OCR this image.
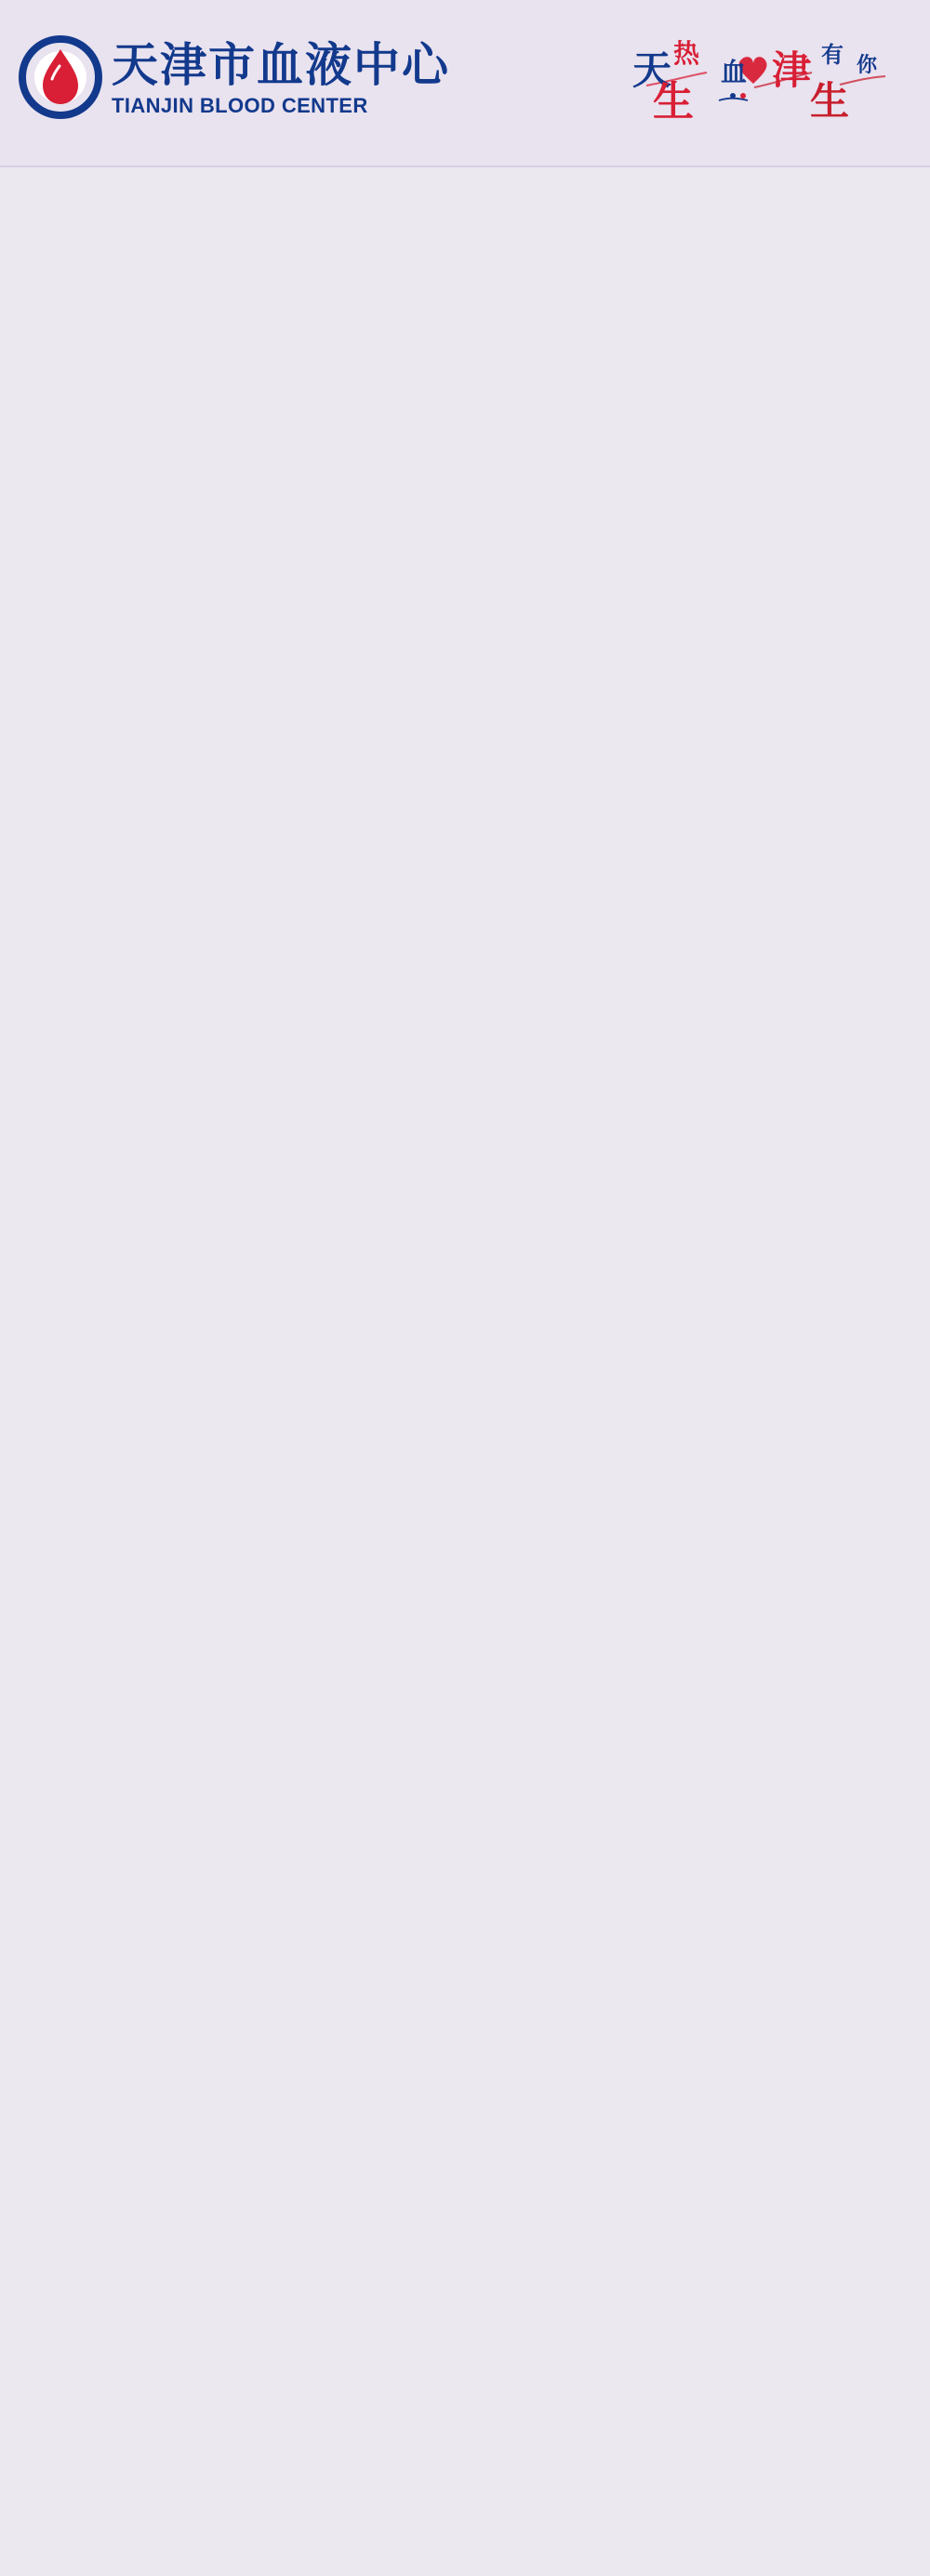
天津市血液中心
TIANJIN BLOOD CENTER
天 热
血 津 有 你
生	生
